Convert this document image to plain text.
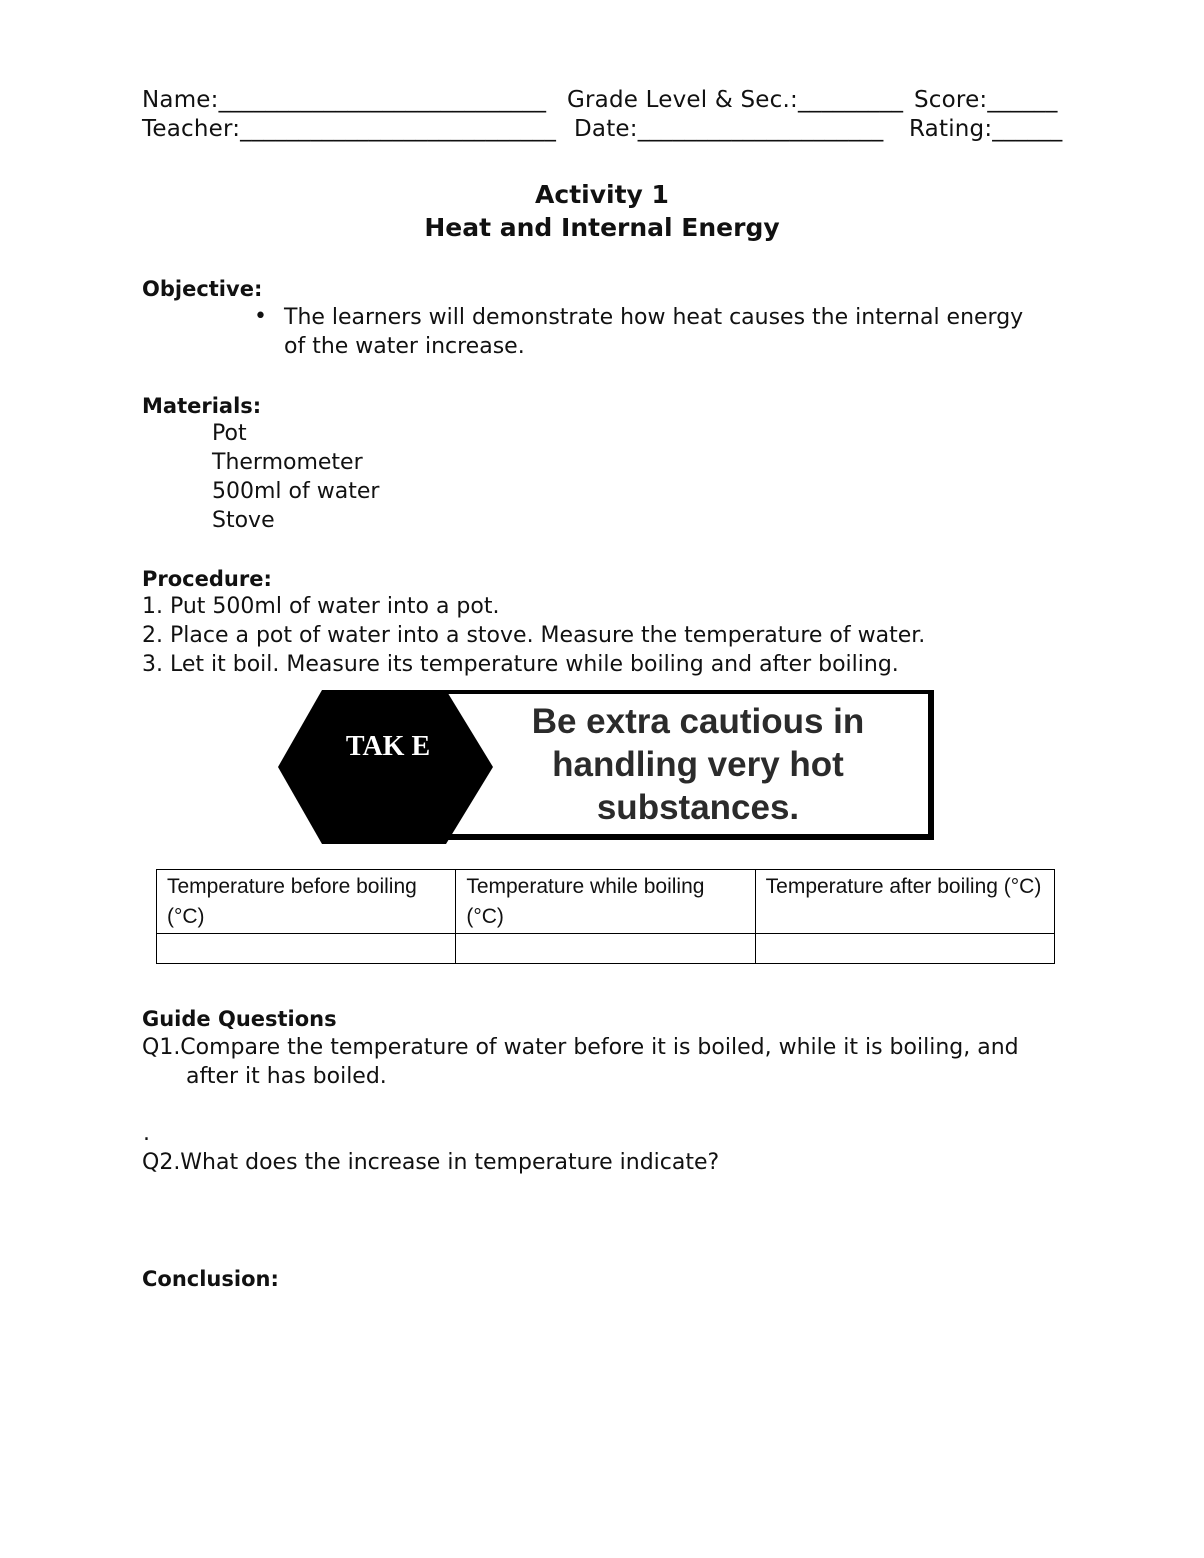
Name:____________________________ Grade Level & Sec.:_________ Score:______
Teacher:___________________________ Date:_____________________ Rating:______
Activity 1
Heat and Internal Energy
Objective:
• The learners will demonstrate how heat causes the internal energy
of the water increase.
Materials:
Pot
Thermometer
500ml of water
Stove
Procedure:
1. Put 500ml of water into a pot.
2. Place a pot of water into a stove. Measure the temperature of water.
3. Let it boil. Measure its temperature while boiling and after boiling.
TAK E
Be extra cautious in handling very hot substances.
Temperature before boiling (°C)	Temperature while boiling (°C)	Temperature after boiling (°C)

Guide Questions
Q1.Compare the temperature of water before it is boiled, while it is boiling, and
after it has boiled.
.
Q2.What does the increase in temperature indicate?
Conclusion:
